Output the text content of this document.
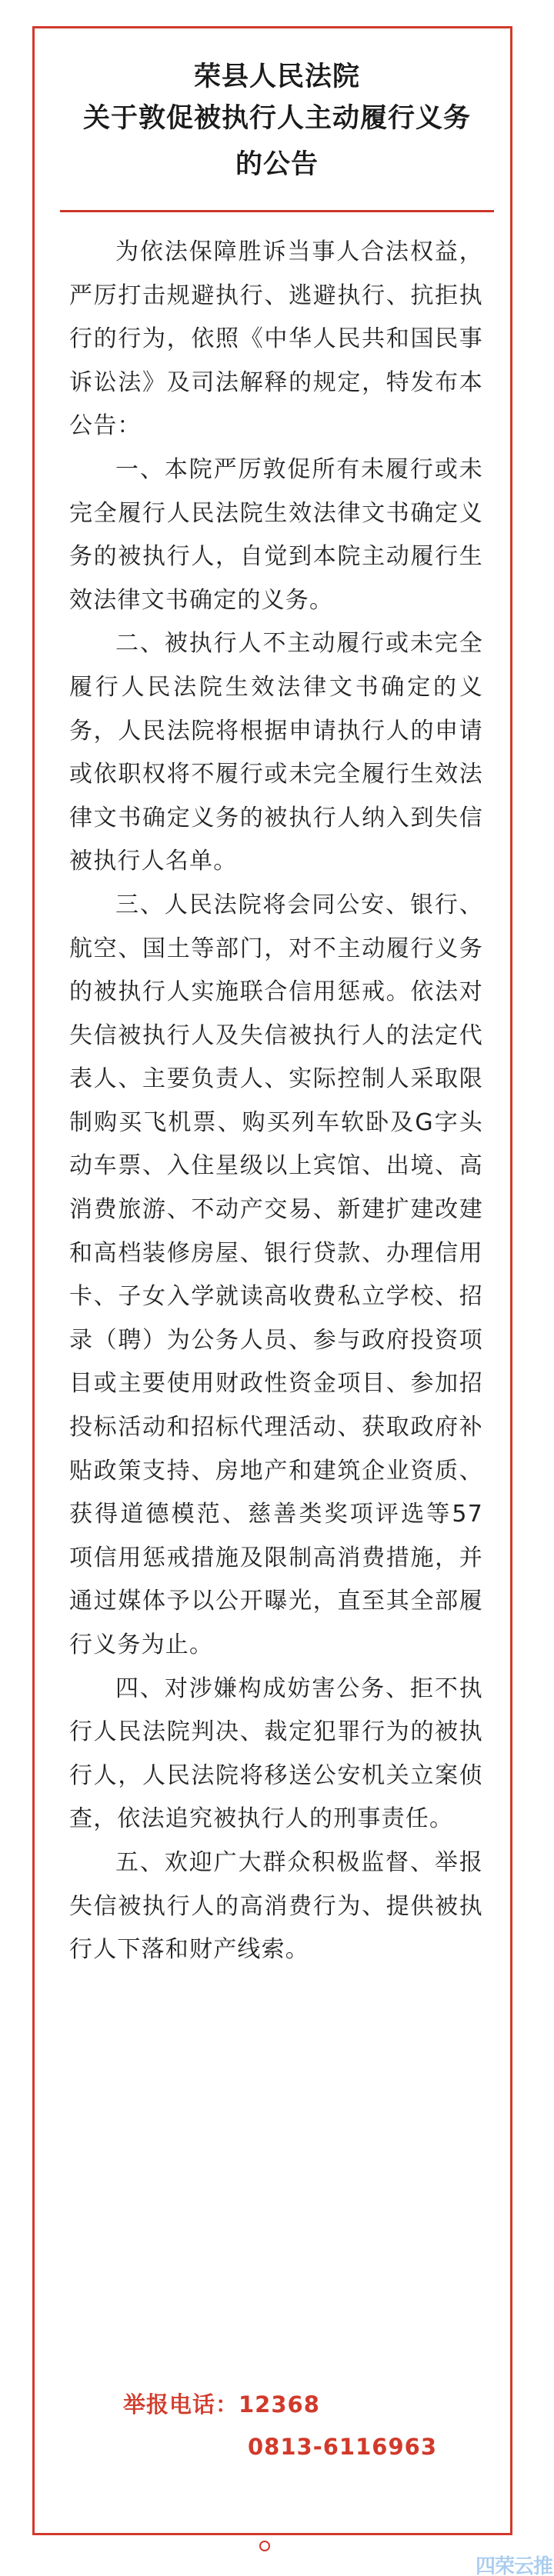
荣县人民法院
关于敦促被执行人主动履行义务
的公告

为依法保障胜诉当事人合法权益，严厉打击规避执行、逃避执行、抗拒执行的行为，依照《中华人民共和国民事诉讼法》及司法解释的规定，特发布本公告：

一、本院严厉敦促所有未履行或未完全履行人民法院生效法律文书确定义务的被执行人，自觉到本院主动履行生效法律文书确定的义务。

二、被执行人不主动履行或未完全履行人民法院生效法律文书确定的义务，人民法院将根据申请执行人的申请或依职权将不履行或未完全履行生效法律文书确定义务的被执行人纳入到失信被执行人名单。

三、人民法院将会同公安、银行、航空、国土等部门，对不主动履行义务的被执行人实施联合信用惩戒。依法对失信被执行人及失信被执行人的法定代表人、主要负责人、实际控制人采取限制购买飞机票、购买列车软卧及G字头动车票、入住星级以上宾馆、出境、高消费旅游、不动产交易、新建扩建改建和高档装修房屋、银行贷款、办理信用卡、子女入学就读高收费私立学校、招录（聘）为公务人员、参与政府投资项目或主要使用财政性资金项目、参加招投标活动和招标代理活动、获取政府补贴政策支持、房地产和建筑企业资质、获得道德模范、慈善类奖项评选等57项信用惩戒措施及限制高消费措施，并通过媒体予以公开曝光，直至其全部履行义务为止。

四、对涉嫌构成妨害公务、拒不执行人民法院判决、裁定犯罪行为的被执行人，人民法院将移送公安机关立案侦查，依法追究被执行人的刑事责任。

五、欢迎广大群众积极监督、举报失信被执行人的高消费行为、提供被执行人下落和财产线索。

举报电话：12368
0813-6116963
四荣云推
